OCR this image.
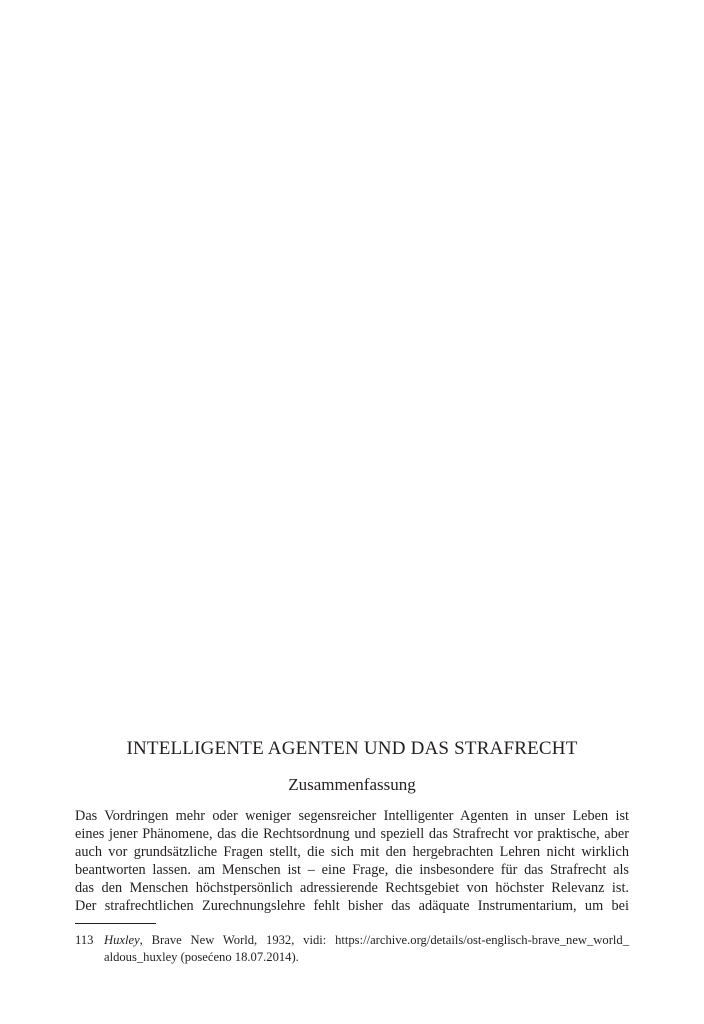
INTELLIGENTE AGENTEN UND DAS STRAFRECHT
Zusammenfassung
Das Vordringen mehr oder weniger segensreicher Intelligenter Agenten in unser Leben ist
eines jener Phänomene, das die Rechtsordnung und speziell das Strafrecht vor praktische, aber
auch vor grundsätzliche Fragen stellt, die sich mit den hergebrachten Lehren nicht wirklich
beantworten lassen. am Menschen ist – eine Frage, die insbesondere für das Strafrecht als
das den Menschen höchstpersönlich adressierende Rechtsgebiet von höchster Relevanz ist.
Der strafrechtlichen Zurechnungslehre fehlt bisher das adäquate Instrumentarium, um bei
113 Huxley, Brave New World, 1932, vidi: https://archive.org/details/ost-englisch-brave_new_world_
aldous_huxley (posećeno 18.07.2014).
